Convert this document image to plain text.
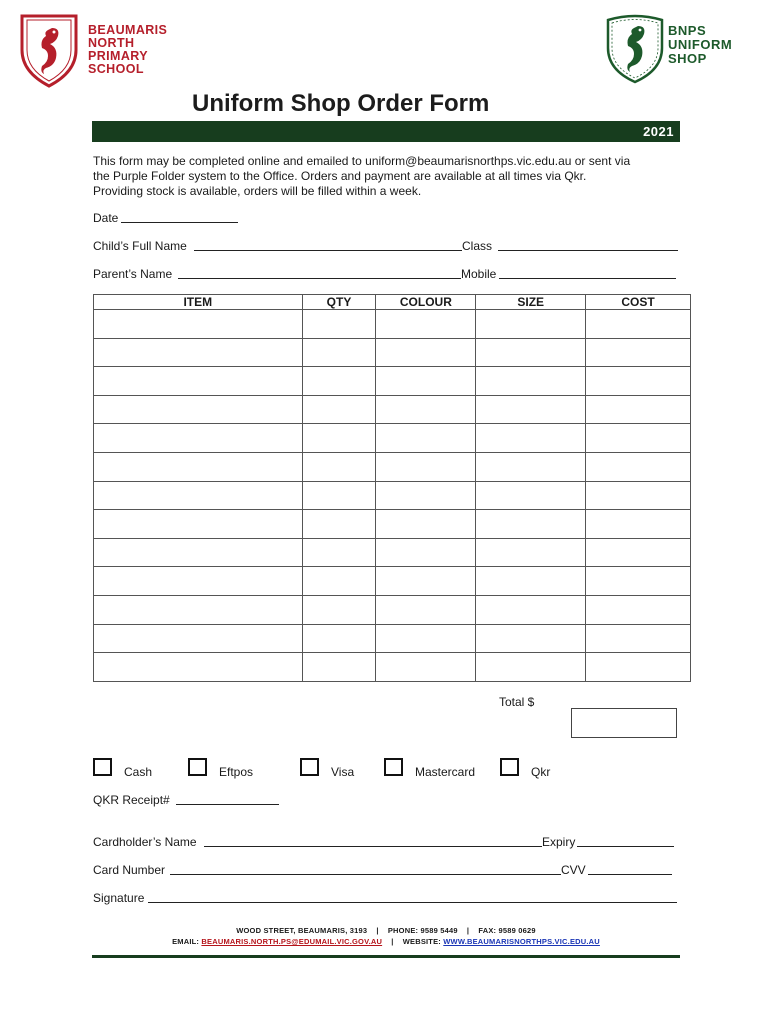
BEAUMARIS
NORTH
PRIMARY
SCHOOL
BNPS
UNIFORM
SHOP
Uniform Shop Order Form
2021
This form may be completed online and emailed to uniform@beaumarisnorthps.vic.edu.au or sent via
the Purple Folder system to the Office. Orders and payment are available at all times via Qkr.
Providing stock is available, orders will be filled within a week.
Date
Child’s Full Name	Class
Parent’s Name	Mobile
ITEM	QTY	COLOUR	SIZE	COST

Total $
Cash	Eftpos	Visa	Mastercard	Qkr
QKR Receipt#
Cardholder’s Name	Expiry
Card Number	CVV
Signature
WOOD STREET, BEAUMARIS, 3193 | PHONE: 9589 5449 | FAX: 9589 0629
EMAIL: BEAUMARIS.NORTH.PS@EDUMAIL.VIC.GOV.AU | WEBSITE: WWW.BEAUMARISNORTHPS.VIC.EDU.AU
